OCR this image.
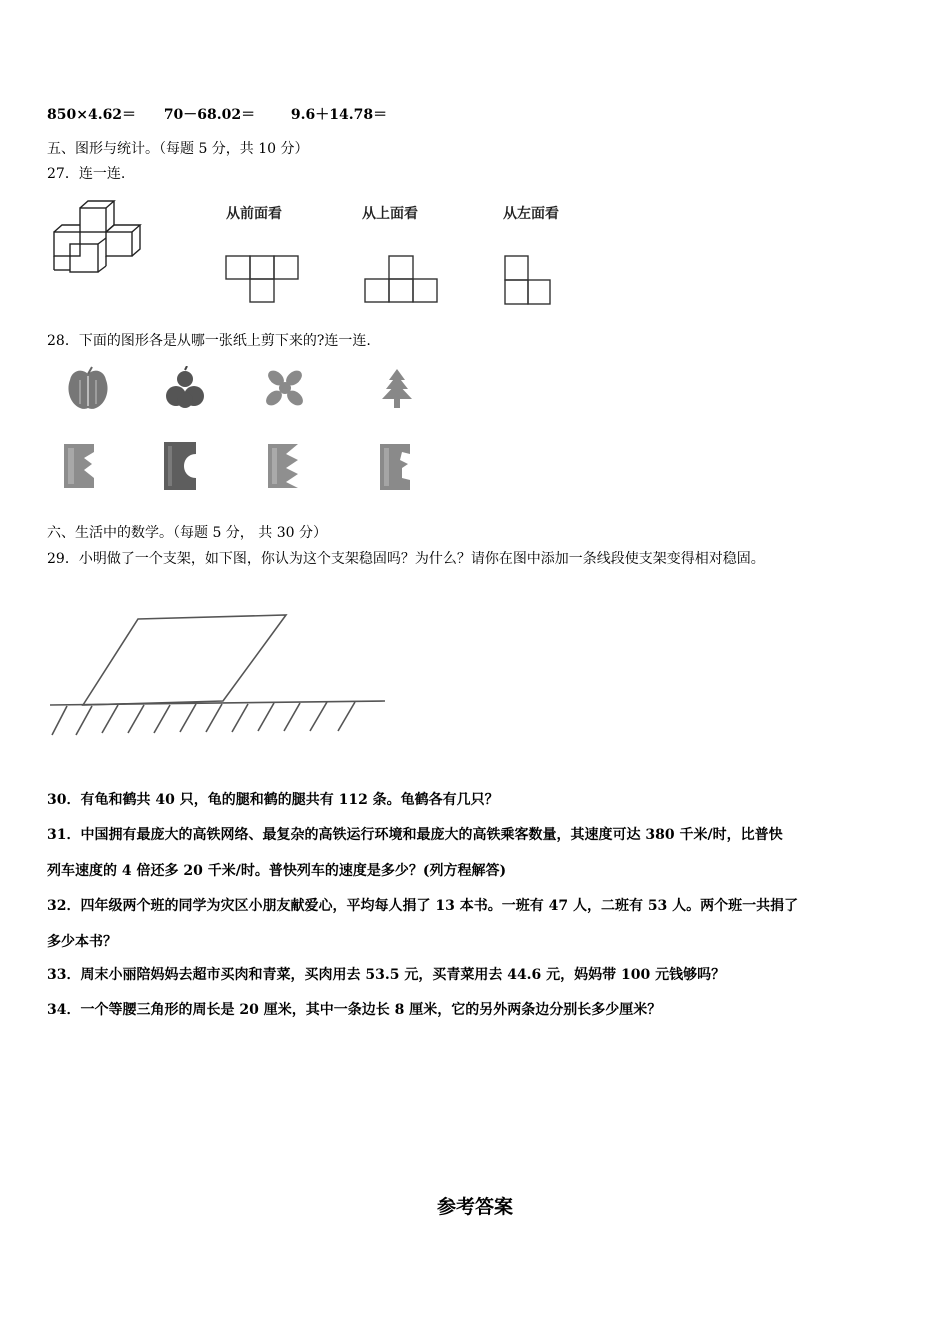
850×4.62＝ 70－68.02＝	9.6＋14.78＝
五、图形与统计。（每题 5 分，共 10 分）
27．连一连.
从前面看	从上面看	从左面看
28．下面的图形各是从哪一张纸上剪下来的?连一连.
六、生活中的数学。（每题 5 分， 共 30 分）
29．小明做了一个支架，如下图，你认为这个支架稳固吗？为什么？请你在图中添加一条线段使支架变得相对稳固。
30．有龟和鹤共 40 只，龟的腿和鹤的腿共有 112 条。龟鹤各有几只？
31．中国拥有最庞大的高铁网络、最复杂的高铁运行环境和最庞大的高铁乘客数量，其速度可达 380 千米/时，比普快
列车速度的 4 倍还多 20 千米/时。普快列车的速度是多少？(列方程解答)
32．四年级两个班的同学为灾区小朋友献爱心，平均每人捐了 13 本书。一班有 47 人，二班有 53 人。两个班一共捐了
多少本书？
33．周末小丽陪妈妈去超市买肉和青菜，买肉用去 53.5 元，买青菜用去 44.6 元，妈妈带 100 元钱够吗？
34．一个等腰三角形的周长是 20 厘米，其中一条边长 8 厘米，它的另外两条边分别长多少厘米？
参考答案
